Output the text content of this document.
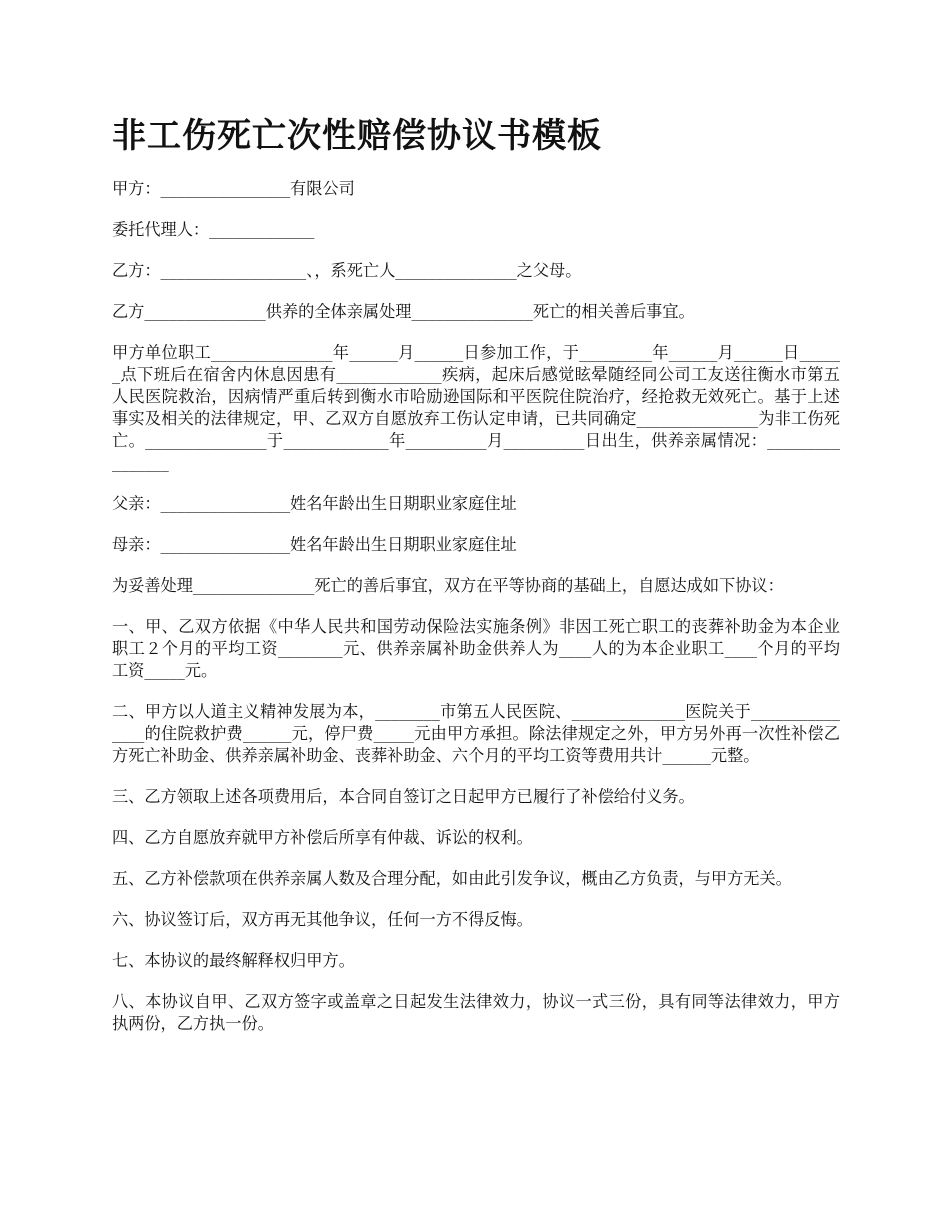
非工伤死亡次性赔偿协议书模板

甲方：________________有限公司

委托代理人：_____________

乙方：__________________、，系死亡人_______________之父母。

乙方_______________供养的全体亲属处理_______________死亡的相关善后事宜。

甲方单位职工_______________年______月______日参加工作，于_________年______月______日______点下班后在宿舍内休息因患有_____________疾病，起床后感觉眩晕随经同公司工友送往衡水市第五人民医院救治，因病情严重后转到衡水市哈励逊国际和平医院住院治疗，经抢救无效死亡。基于上述事实及相关的法律规定，甲、乙双方自愿放弃工伤认定申请，已共同确定_______________为非工伤死亡。_______________于_____________年__________月__________日出生，供养亲属情况：________________

父亲：________________姓名年龄出生日期职业家庭住址

母亲：________________姓名年龄出生日期职业家庭住址

为妥善处理_______________死亡的善后事宜，双方在平等协商的基础上，自愿达成如下协议：

一、甲、乙双方依据《中华人民共和国劳动保险法实施条例》非因工死亡职工的丧葬补助金为本企业职工２个月的平均工资________元、供养亲属补助金供养人为____人的为本企业职工____个月的平均工资_____元。

二、甲方以人道主义精神发展为本，________市第五人民医院、______________医院关于_______________的住院救护费______元，停尸费_____元由甲方承担。除法律规定之外，甲方另外再一次性补偿乙方死亡补助金、供养亲属补助金、丧葬补助金、六个月的平均工资等费用共计______元整。

三、乙方领取上述各项费用后，本合同自签订之日起甲方已履行了补偿给付义务。

四、乙方自愿放弃就甲方补偿后所享有仲裁、诉讼的权利。

五、乙方补偿款项在供养亲属人数及合理分配，如由此引发争议，概由乙方负责，与甲方无关。

六、协议签订后，双方再无其他争议，任何一方不得反悔。

七、本协议的最终解释权归甲方。

八、本协议自甲、乙双方签字或盖章之日起发生法律效力，协议一式三份，具有同等法律效力，甲方执两份，乙方执一份。
